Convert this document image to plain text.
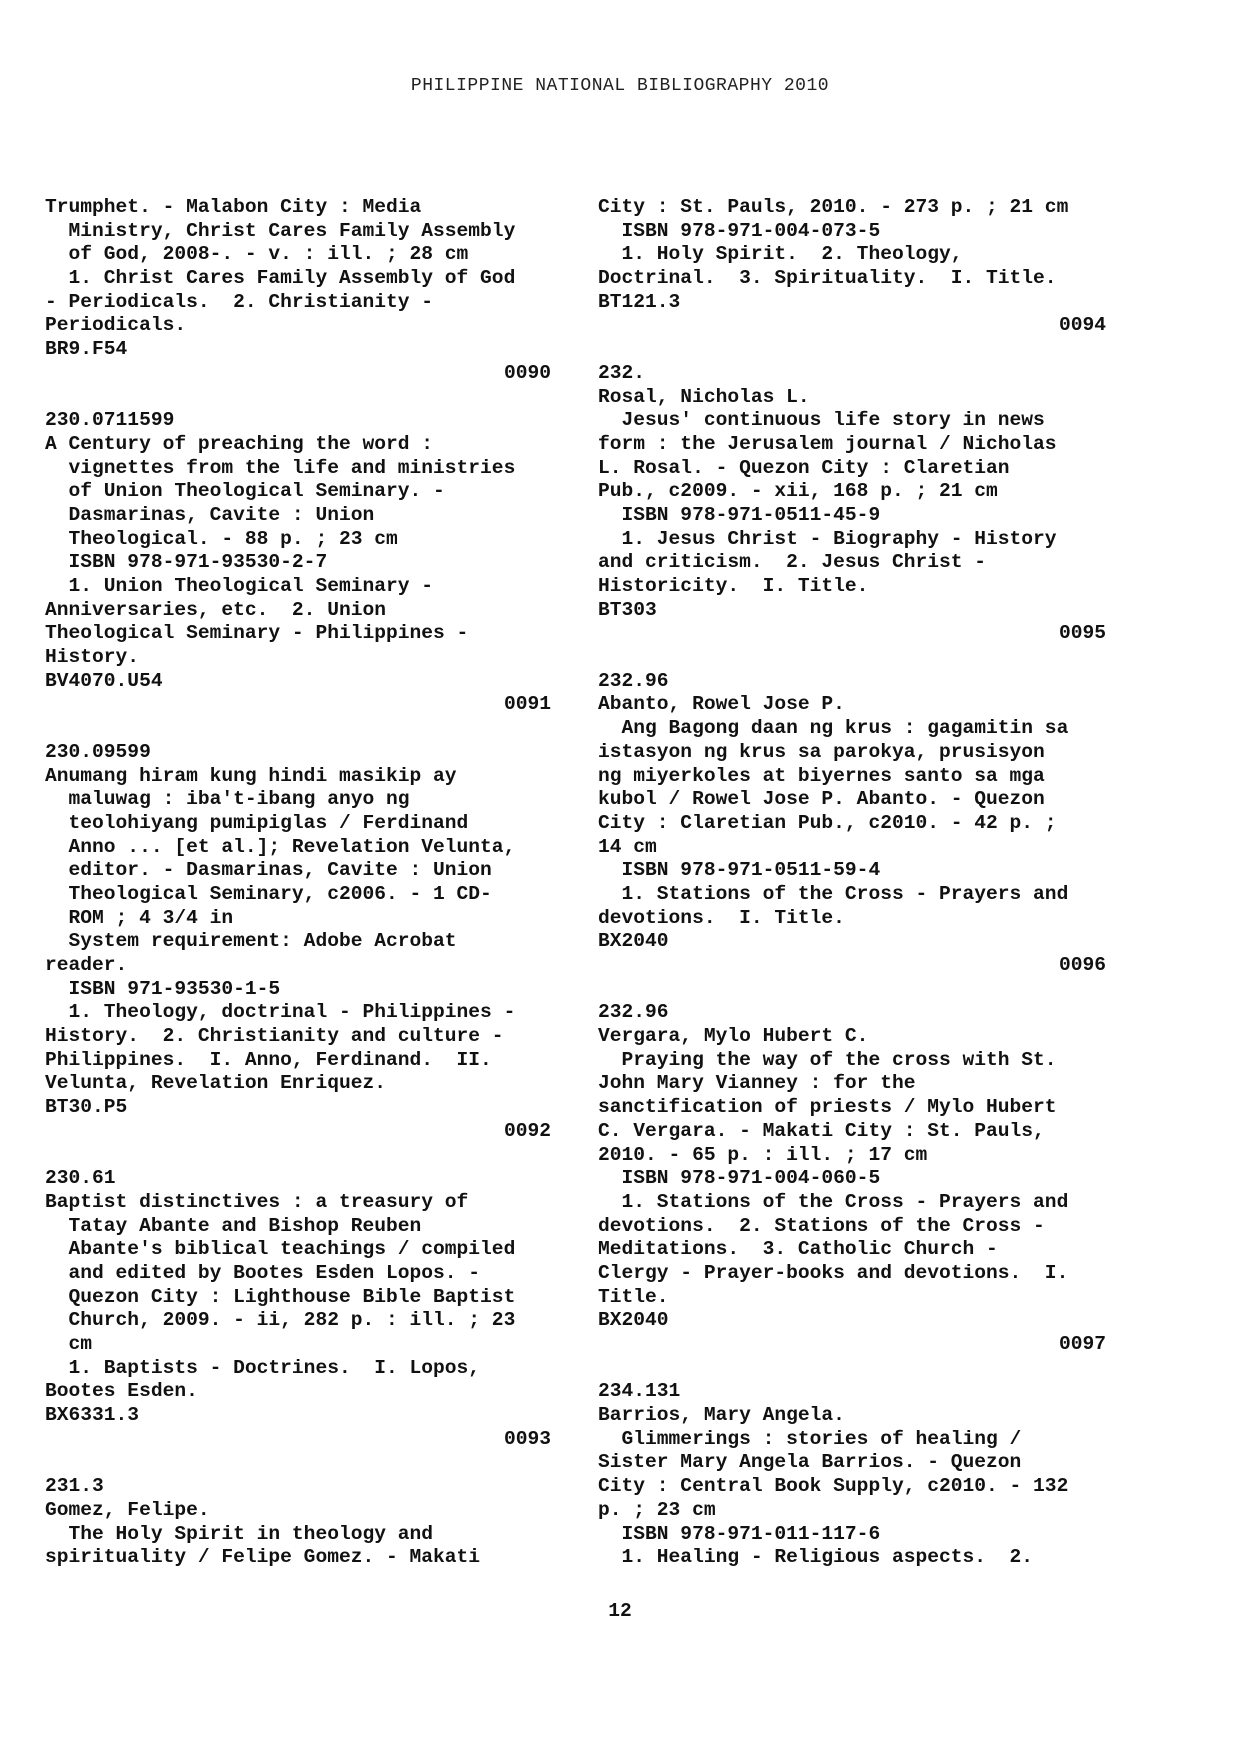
PHILIPPINE NATIONAL BIBLIOGRAPHY 2010
Trumphet. - Malabon City : Media
Ministry, Christ Cares Family Assembly
of God, 2008-. - v. : ill. ; 28 cm
1. Christ Cares Family Assembly of God
- Periodicals.  2. Christianity -
Periodicals.
BR9.F54
0090
230.0711599
A Century of preaching the word :
vignettes from the life and ministries
of Union Theological Seminary. -
Dasmarinas, Cavite : Union
Theological. - 88 p. ; 23 cm
ISBN 978-971-93530-2-7
1. Union Theological Seminary -
Anniversaries, etc.  2. Union
Theological Seminary - Philippines -
History.
BV4070.U54
0091
230.09599
Anumang hiram kung hindi masikip ay
maluwag : iba't-ibang anyo ng
teolohiyang pumipiglas / Ferdinand
Anno ... [et al.]; Revelation Velunta,
editor. - Dasmarinas, Cavite : Union
Theological Seminary, c2006. - 1 CD-
ROM ; 4 3/4 in
System requirement: Adobe Acrobat
reader.
ISBN 971-93530-1-5
1. Theology, doctrinal - Philippines -
History.  2. Christianity and culture -
Philippines.  I. Anno, Ferdinand.  II.
Velunta, Revelation Enriquez.
BT30.P5
0092
230.61
Baptist distinctives : a treasury of
Tatay Abante and Bishop Reuben
Abante's biblical teachings / compiled
and edited by Bootes Esden Lopos. -
Quezon City : Lighthouse Bible Baptist
Church, 2009. - ii, 282 p. : ill. ; 23
cm
1. Baptists - Doctrines.  I. Lopos,
Bootes Esden.
BX6331.3
0093
231.3
Gomez, Felipe.
The Holy Spirit in theology and
spirituality / Felipe Gomez. - Makati
City : St. Pauls, 2010. - 273 p. ; 21 cm
ISBN 978-971-004-073-5
1. Holy Spirit.  2. Theology,
Doctrinal.  3. Spirituality.  I. Title.
BT121.3
0094
232.
Rosal, Nicholas L.
Jesus' continuous life story in news
form : the Jerusalem journal / Nicholas
L. Rosal. - Quezon City : Claretian
Pub., c2009. - xii, 168 p. ; 21 cm
ISBN 978-971-0511-45-9
1. Jesus Christ - Biography - History
and criticism.  2. Jesus Christ -
Historicity.  I. Title.
BT303
0095
232.96
Abanto, Rowel Jose P.
Ang Bagong daan ng krus : gagamitin sa
istasyon ng krus sa parokya, prusisyon
ng miyerkoles at biyernes santo sa mga
kubol / Rowel Jose P. Abanto. - Quezon
City : Claretian Pub., c2010. - 42 p. ;
14 cm
ISBN 978-971-0511-59-4
1. Stations of the Cross - Prayers and
devotions.  I. Title.
BX2040
0096
232.96
Vergara, Mylo Hubert C.
Praying the way of the cross with St.
John Mary Vianney : for the
sanctification of priests / Mylo Hubert
C. Vergara. - Makati City : St. Pauls,
2010. - 65 p. : ill. ; 17 cm
ISBN 978-971-004-060-5
1. Stations of the Cross - Prayers and
devotions.  2. Stations of the Cross -
Meditations.  3. Catholic Church -
Clergy - Prayer-books and devotions.  I.
Title.
BX2040
0097
234.131
Barrios, Mary Angela.
Glimmerings : stories of healing /
Sister Mary Angela Barrios. - Quezon
City : Central Book Supply, c2010. - 132
p. ; 23 cm
ISBN 978-971-011-117-6
1. Healing - Religious aspects.  2.
12
